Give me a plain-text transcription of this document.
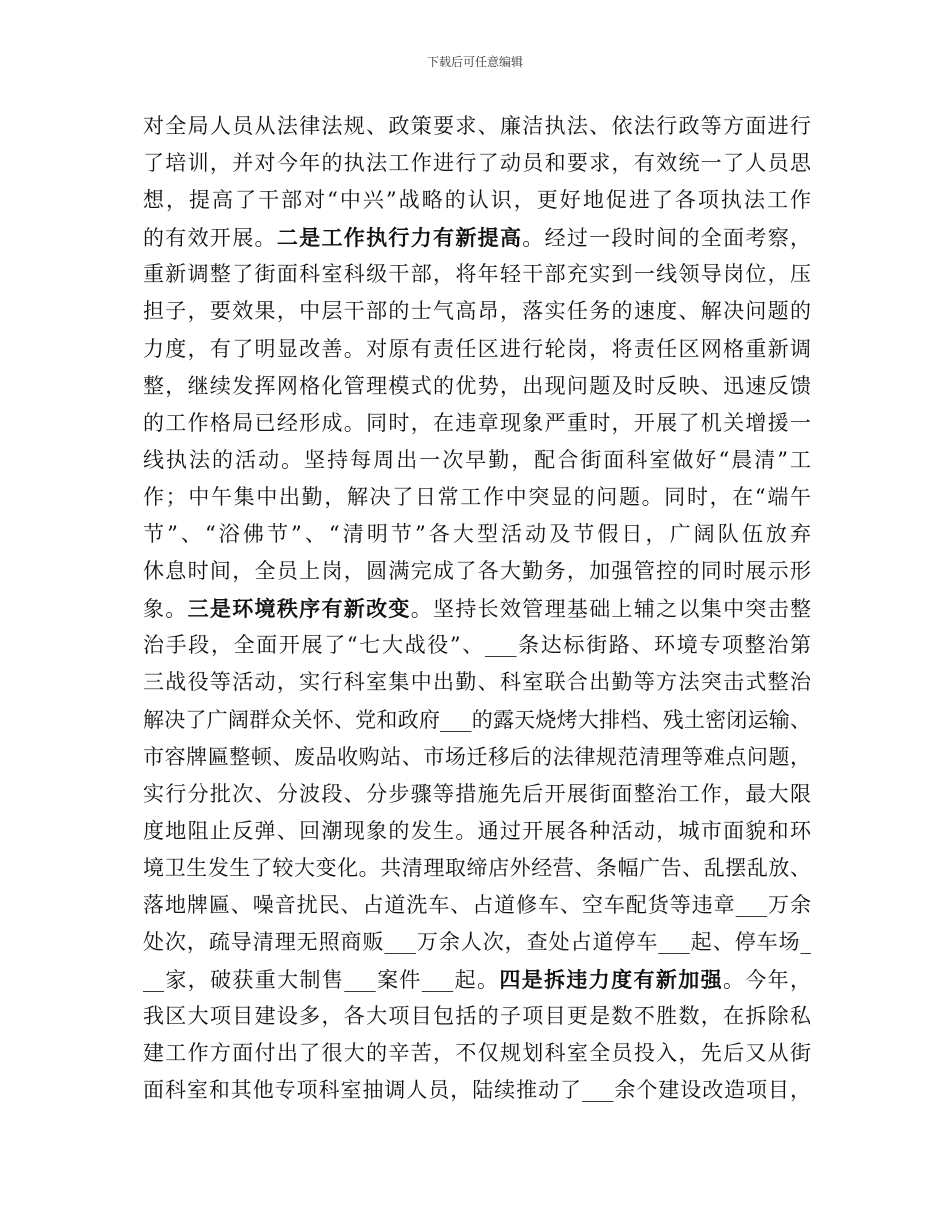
下载后可任意编辑
对全局人员从法律法规、政策要求、廉洁执法、依法行政等方面进行
了培训，并对今年的执法工作进行了动员和要求，有效统一了人员思
想，提高了干部对“中兴”战略的认识，更好地促进了各项执法工作
的有效开展。二是工作执行力有新提高。经过一段时间的全面考察，
重新调整了街面科室科级干部，将年轻干部充实到一线领导岗位，压
担子，要效果，中层干部的士气高昂，落实任务的速度、解决问题的
力度，有了明显改善。对原有责任区进行轮岗，将责任区网格重新调
整，继续发挥网格化管理模式的优势，出现问题及时反映、迅速反馈
的工作格局已经形成。同时，在违章现象严重时，开展了机关增援一
线执法的活动。坚持每周出一次早勤，配合街面科室做好“晨清”工
作；中午集中出勤，解决了日常工作中突显的问题。同时，在“端午
节”、“浴佛节”、“清明节”各大型活动及节假日，广阔队伍放弃
休息时间，全员上岗，圆满完成了各大勤务，加强管控的同时展示形
象。三是环境秩序有新改变。坚持长效管理基础上辅之以集中突击整
治手段，全面开展了“七大战役”、___条达标街路、环境专项整治第
三战役等活动，实行科室集中出勤、科室联合出勤等方法突击式整治
解决了广阔群众关怀、党和政府___的露天烧烤大排档、残土密闭运输、
市容牌匾整顿、废品收购站、市场迁移后的法律规范清理等难点问题，
实行分批次、分波段、分步骤等措施先后开展街面整治工作，最大限
度地阻止反弹、回潮现象的发生。通过开展各种活动，城市面貌和环
境卫生发生了较大变化。共清理取缔店外经营、条幅广告、乱摆乱放、
落地牌匾、噪音扰民、占道洗车、占道修车、空车配货等违章___万余
处次，疏导清理无照商贩___万余人次，查处占道停车___起、停车场_
__家，破获重大制售___案件___起。四是拆违力度有新加强。今年，
我区大项目建设多，各大项目包括的子项目更是数不胜数，在拆除私
建工作方面付出了很大的辛苦，不仅规划科室全员投入，先后又从街
面科室和其他专项科室抽调人员，陆续推动了___余个建设改造项目，
